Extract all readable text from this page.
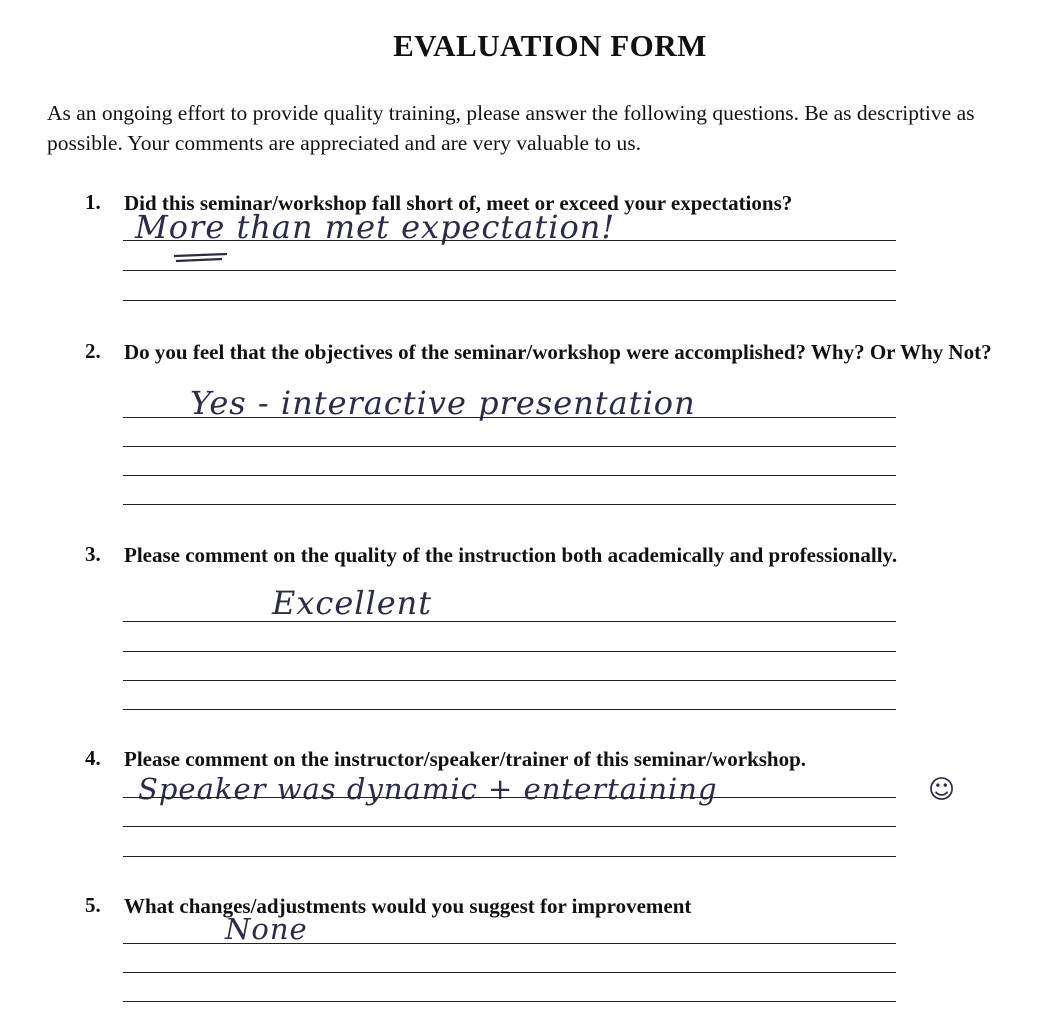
EVALUATION FORM
As an ongoing effort to provide quality training, please answer the following questions. Be as descriptive as possible. Your comments are appreciated and are very valuable to us.
1. Did this seminar/workshop fall short of, meet or exceed your expectations?
More than met expectation!
2. Do you feel that the objectives of the seminar/workshop were accomplished? Why? Or Why Not?
Yes - interactive presentation
3. Please comment on the quality of the instruction both academically and professionally.
Excellent
4. Please comment on the instructor/speaker/trainer of this seminar/workshop.
Speaker was dynamic + entertaining	☺
5. What changes/adjustments would you suggest for improvement
None
